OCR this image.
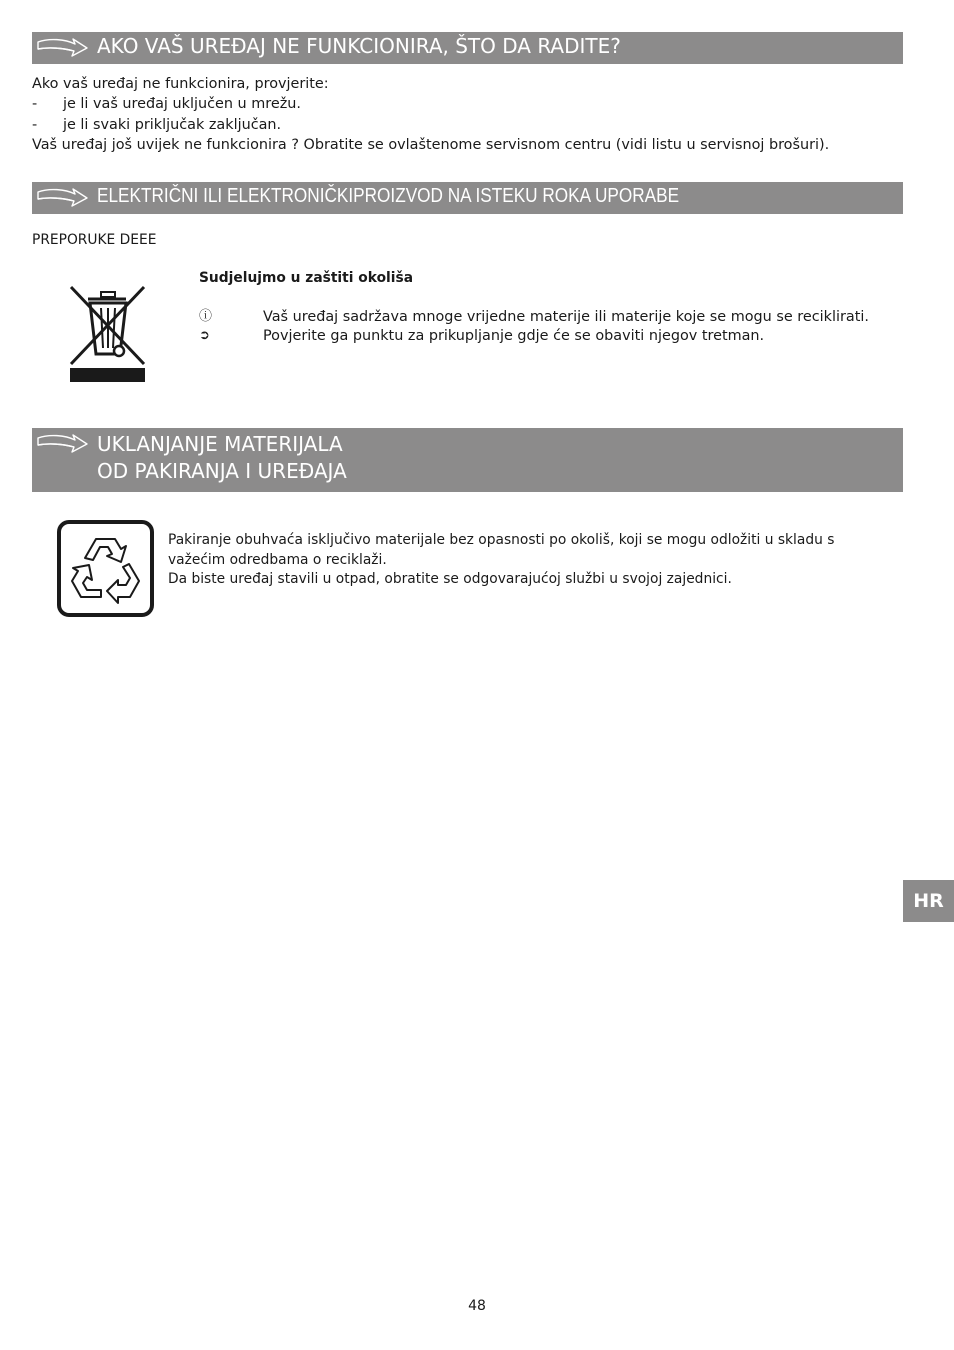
AKO VAŠ UREĐAJ NE FUNKCIONIRA, ŠTO DA RADITE?
Ako vaš uređaj ne funkcionira, provjerite:
- je li vaš uređaj uključen u mrežu.
- je li svaki priključak zaključan.
Vaš uređaj još uvijek ne funkcionira ? Obratite se ovlaštenome servisnom centru (vidi listu u servisnoj brošuri).
ELEKTRIČNI ILI ELEKTRONIČKIPROIZVOD NA ISTEKU ROKA UPORABE
PREPORUKE DEEE
Sudjelujmo u zaštiti okoliša
ⓘ	Vaš uređaj sadržava mnoge vrijedne materije ili materije koje se mogu se reciklirati.
➲	Povjerite ga punktu za prikupljanje gdje će se obaviti njegov tretman.
UKLANJANJE MATERIJALA
OD PAKIRANJA I UREĐAJA
Pakiranje obuhvaća isključivo materijale bez opasnosti po okoliš, koji se mogu odložiti u skladu s
važećim odredbama o reciklaži.
Da biste uređaj stavili u otpad, obratite se odgovarajućoj službi u svojoj zajednici.
HR
48
